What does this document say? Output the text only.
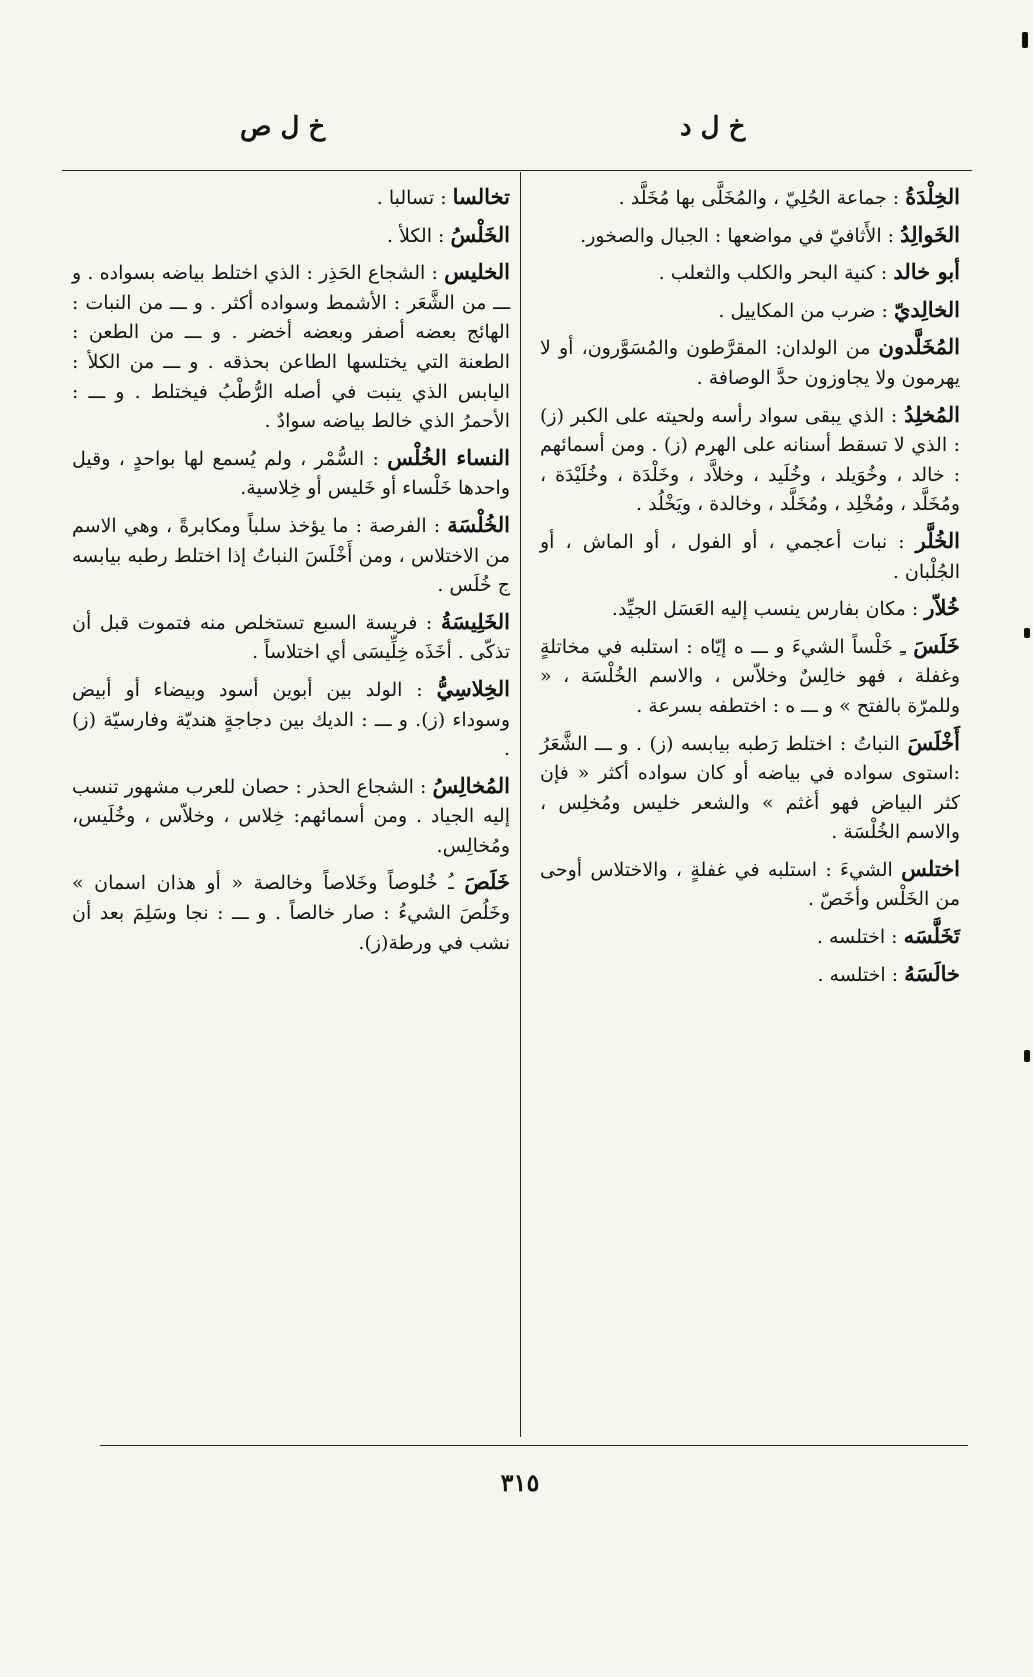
خ ل د
خ ل ص
الخِلْدَةُ : جماعة الحُلِيّ ، والمُخَلَّى بها مُخَلَّد .
الخَوالِدُ : الأَثافيّ في مواضعها : الجبال والصخور.
أبو خالد : كنية البحر والكلب والثعلب .
الخالِديّ : ضرب من المكاييل .
المُخَلَّدون من الولدان: المقرَّطون والمُسَوَّرون، أو لا يهرمون ولا يجاوزون حدَّ الوصافة .
المُخلِدُ : الذي يبقى سواد رأسه ولحيته على الكبر (ز) : الذي لا تسقط أسنانه على الهرم (ز) . ومن أسمائهم : خالد ، وخُوَيلد ، وخُلَيد ، وخلاَّد ، وخَلْدَة ، وخُلَيْدَة ، ومُخَلَّد ، ومُخْلِد ، ومُخَلَّد ، وخالدة ، ويَخْلُد .
الخُلَّر : نبات أعجمي ، أو الفول ، أو الماش ، أو الجُلْبان .
خُلاّر : مكان بفارس ينسب إليه العَسَل الجيِّد.
خَلَسَ ـِ خَلْساً الشيءَ و ـــ ه إيّاه : استلبه في مخاتلةٍ وغفلة ، فهو خالِسٌ وخلاّس ، والاسم الخُلْسَة ، « وللمرّة بالفتح » و ـــ ه : اختطفه بسرعة .
أَخْلَسَ النباتُ : اختلط رَطبه بيابسه (ز) . و ـــ الشَّعَرُ :استوى سواده في بياضه أو كان سواده أكثر « فإن كثر البياض فهو أغثم » والشعر خليس ومُخلِس ، والاسم الخُلْسَة .
اختلس الشيءَ : استلبه في غفلةٍ ، والاختلاس أوحى من الخَلْس وأخَصّ .
تَخَلَّسَه : اختلسه .
خالَسَهُ : اختلسه .
تخالسا : تسالبا .
الخَلْسُ : الكلأ .
الخليس : الشجاع الحَذِر : الذي اختلط بياضه بسواده . و ـــ من الشَّعَر : الأشمط وسواده أكثر . و ـــ من النبات : الهائج بعضه أصفر وبعضه أخضر . و ـــ من الطعن : الطعنة التي يختلسها الطاعن بحذقه . و ـــ من الكلأ : اليابس الذي ينبت في أصله الرُّطْبُ فيختلط . و ـــ : الأحمرُ الذي خالط بياضه سوادٌ .
النساء الخُلْس : السُّمْر ، ولم يُسمع لها بواحدٍ ، وقيل واحدها خَلْساء أو خَليس أو خِلاسية.
الخُلْسَة : الفرصة : ما يؤخذ سلباً ومكابرةً ، وهي الاسم من الاختلاس ، ومن أَخْلَسَ النباتُ إذا اختلط رطبه بيابسه ج خُلَس .
الخَلِيسَةُ : فريسة السبع تستخلص منه فتموت قبل أن تذكّى . أخَذَه خِلِّيسَى أي اختلاساً .
الخِلاسِيُّ : الولد بين أبوين أسود وبيضاء أو أبيض وسوداء (ز). و ـــ : الديك بين دجاجةٍ هنديّة وفارسيّة (ز) .
المُخالِسُ : الشجاع الحذر : حصان للعرب مشهور تنسب إليه الجياد . ومن أسمائهم: خِلاس ، وخلاّس ، وخُلَيس، ومُخالِس.
خَلَصَ ـُ خُلوصاً وخَلاصاً وخالصة « أو هذان اسمان » وخَلُصَ الشيءُ : صار خالصاً . و ـــ : نجا وسَلِمَ بعد أن نشب في ورطة(ز).
٣١٥
